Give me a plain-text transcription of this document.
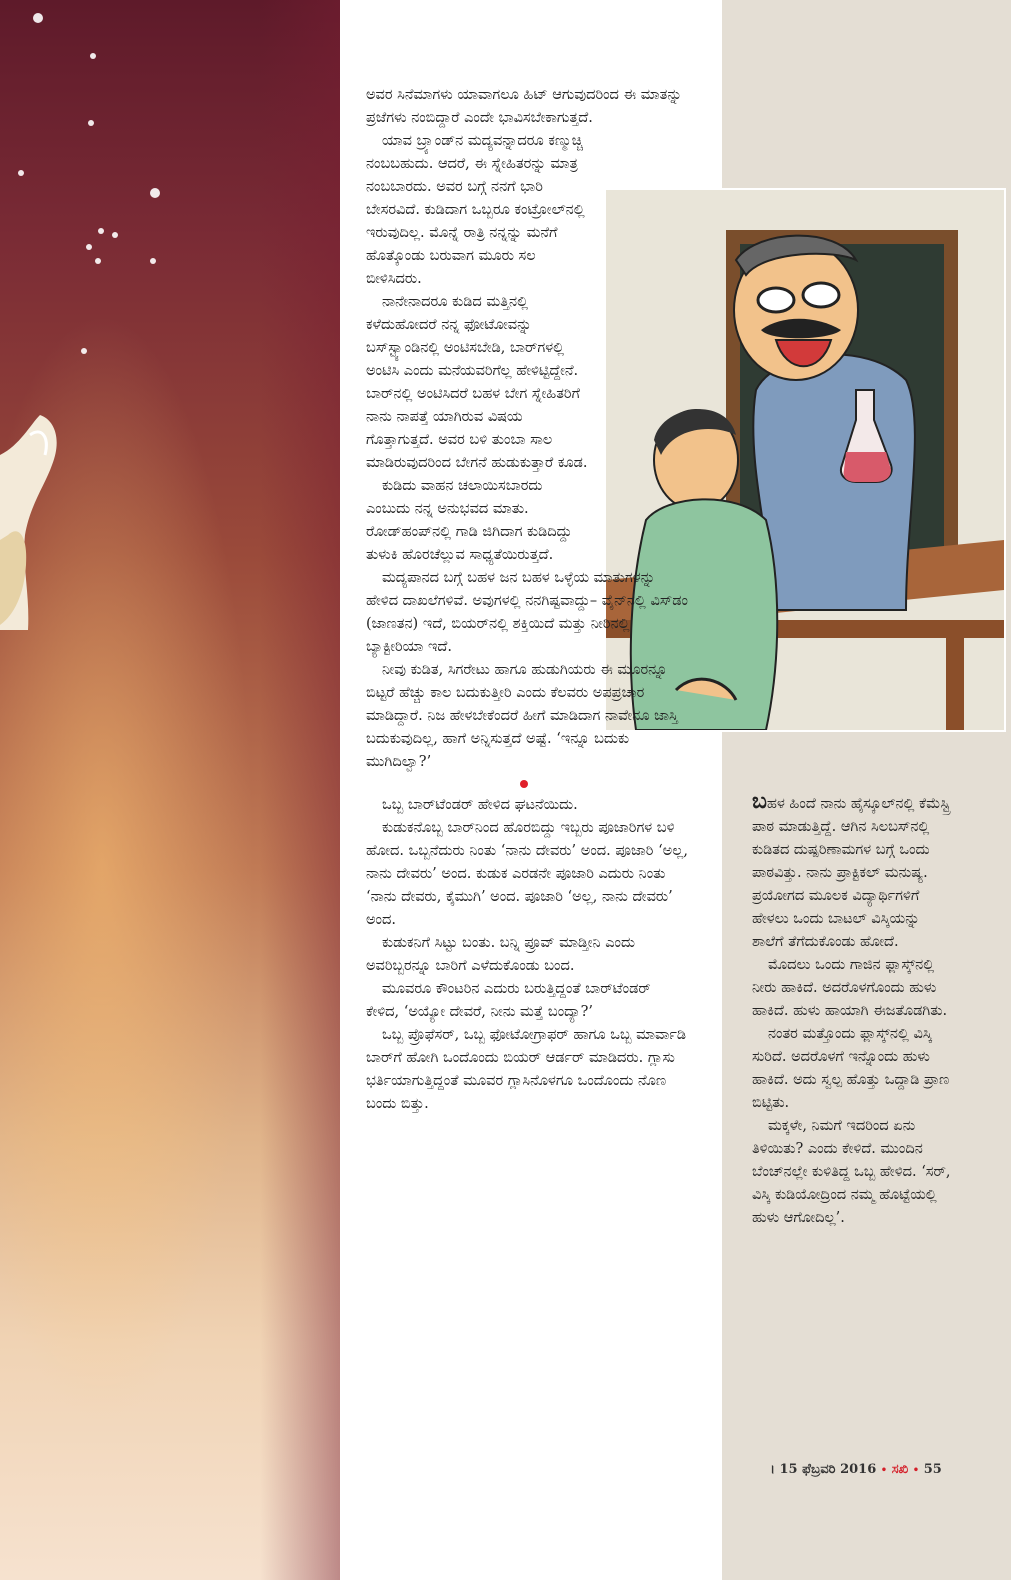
ಅವರ ಸಿನೆಮಾಗಳು ಯಾವಾಗಲೂ ಹಿಟ್ ಆಗುವುದರಿಂದ ಈ ಮಾತನ್ನು ಪ್ರಜೆಗಳು ನಂಬಿದ್ದಾರೆ ಎಂದೇ ಭಾವಿಸಬೇಕಾಗುತ್ತದೆ.

ಯಾವ ಬ್ರ್ಯಾಂಡ್‌ನ ಮದ್ಯವನ್ನಾದರೂ ಕಣ್ಮುಚ್ಚಿ ನಂಬಬಹುದು. ಆದರೆ, ಈ ಸ್ನೇಹಿತರನ್ನು ಮಾತ್ರ ನಂಬಬಾರದು. ಅವರ ಬಗ್ಗೆ ನನಗೆ ಭಾರಿ ಬೇಸರವಿದೆ. ಕುಡಿದಾಗ ಒಬ್ಬರೂ ಕಂಟ್ರೋಲ್‌ನಲ್ಲಿ ಇರುವುದಿಲ್ಲ. ಮೊನ್ನೆ ರಾತ್ರಿ ನನ್ನನ್ನು ಮನೆಗೆ ಹೊತ್ಕೊಂಡು ಬರುವಾಗ ಮೂರು ಸಲ ಬೀಳಿಸಿದರು.

ನಾನೇನಾದರೂ ಕುಡಿದ ಮತ್ತಿನಲ್ಲಿ ಕಳೆದುಹೋದರೆ ನನ್ನ ಫೋಟೋವನ್ನು ಬಸ್‌ಸ್ಟ್ಯಾಂಡಿನಲ್ಲಿ ಅಂಟಿಸಬೇಡಿ, ಬಾರ್‌ಗಳಲ್ಲಿ ಅಂಟಿಸಿ ಎಂದು ಮನೆಯವರಿಗೆಲ್ಲ ಹೇಳಿಟ್ಟಿದ್ದೇನೆ. ಬಾರ್‌ನಲ್ಲಿ ಅಂಟಿಸಿದರೆ ಬಹಳ ಬೇಗ ಸ್ನೇಹಿತರಿಗೆ ನಾನು ನಾಪತ್ತೆ ಯಾಗಿರುವ ವಿಷಯ ಗೊತ್ತಾಗುತ್ತದೆ. ಅವರ ಬಳಿ ತುಂಬಾ ಸಾಲ ಮಾಡಿರುವುದರಿಂದ ಬೇಗನೆ ಹುಡುಕುತ್ತಾರೆ ಕೂಡ.

ಕುಡಿದು ವಾಹನ ಚಲಾಯಿಸಬಾರದು ಎಂಬುದು ನನ್ನ ಅನುಭವದ ಮಾತು. ರೋಡ್‌ಹಂಪ್‌ನಲ್ಲಿ ಗಾಡಿ ಜಿಗಿದಾಗ ಕುಡಿದಿದ್ದು ತುಳುಕಿ ಹೊರಚೆಲ್ಲುವ ಸಾಧ್ಯತೆಯಿರುತ್ತದೆ.

ಮದ್ಯಪಾನದ ಬಗ್ಗೆ ಬಹಳ ಜನ ಬಹಳ ಒಳ್ಳೆಯ ಮಾತುಗಳನ್ನು ಹೇಳಿದ ದಾಖಲೆಗಳಿವೆ. ಅವುಗಳಲ್ಲಿ ನನಗಿಷ್ಟವಾದ್ದು– ವೈನ್‌ನಲ್ಲಿ ವಿಸ್‌ಡಂ (ಜಾಣತನ) ಇದೆ, ಬಿಯರ್‌ನಲ್ಲಿ ಶಕ್ತಿಯಿದೆ ಮತ್ತು ನೀರಿನಲ್ಲಿ ಬ್ಯಾಕ್ಟೀರಿಯಾ ಇದೆ.

ನೀವು ಕುಡಿತ, ಸಿಗರೇಟು ಹಾಗೂ ಹುಡುಗಿಯರು ಈ ಮೂರನ್ನೂ ಬಿಟ್ಟರೆ ಹೆಚ್ಚು ಕಾಲ ಬದುಕುತ್ತೀರಿ ಎಂದು ಕೆಲವರು ಅಪಪ್ರಚಾರ ಮಾಡಿದ್ದಾರೆ. ನಿಜ ಹೇಳಬೇಕೆಂದರೆ ಹೀಗೆ ಮಾಡಿದಾಗ ನಾವೇನೂ ಜಾಸ್ತಿ ಬದುಕುವುದಿಲ್ಲ, ಹಾಗೆ ಅನ್ನಿಸುತ್ತದೆ ಅಷ್ಟೆ. ‘ಇನ್ನೂ ಬದುಕು ಮುಗಿದಿಲ್ವಾ?’

ಒಬ್ಬ ಬಾರ್‌ಟೆಂಡರ್ ಹೇಳಿದ ಘಟನೆಯಿದು.

ಕುಡುಕನೊಬ್ಬ ಬಾರ್‌ನಿಂದ ಹೊರಬಿದ್ದು ಇಬ್ಬರು ಪೂಜಾರಿಗಳ ಬಳಿ ಹೋದ. ಒಬ್ಬನೆದುರು ನಿಂತು ‘ನಾನು ದೇವರು’ ಅಂದ. ಪೂಜಾರಿ ‘ಅಲ್ಲ, ನಾನು ದೇವರು’ ಅಂದ. ಕುಡುಕ ಎರಡನೇ ಪೂಜಾರಿ ಎದುರು ನಿಂತು ‘ನಾನು ದೇವರು, ಕೈಮುಗಿ’ ಅಂದ. ಪೂಜಾರಿ ‘ಅಲ್ಲ, ನಾನು ದೇವರು’ ಅಂದ.

ಕುಡುಕನಿಗೆ ಸಿಟ್ಟು ಬಂತು. ಬನ್ನಿ ಪ್ರೂವ್ ಮಾಡ್ತೀನಿ ಎಂದು ಅವರಿಬ್ಬರನ್ನೂ ಬಾರಿಗೆ ಎಳೆದುಕೊಂಡು ಬಂದ.

ಮೂವರೂ ಕೌಂಟರಿನ ಎದುರು ಬರುತ್ತಿದ್ದಂತೆ ಬಾರ್‌ಟೆಂಡರ್ ಕೇಳಿದ, ‘ಅಯ್ಯೋ ದೇವರೆ, ನೀನು ಮತ್ತೆ ಬಂದ್ಯಾ?’

ಒಬ್ಬ ಪ್ರೊಫೆಸರ್, ಒಬ್ಬ ಫೋಟೋಗ್ರಾಫರ್ ಹಾಗೂ ಒಬ್ಬ ಮಾರ್ವಾಡಿ ಬಾರ್‌ಗೆ ಹೋಗಿ ಒಂದೊಂದು ಬಿಯರ್ ಆರ್ಡರ್ ಮಾಡಿದರು. ಗ್ಲಾಸು ಭರ್ತಿಯಾಗುತ್ತಿದ್ದಂತೆ ಮೂವರ ಗ್ಲಾಸಿನೊಳಗೂ ಒಂದೊಂದು ನೊಣ ಬಂದು ಬಿತ್ತು.

ಬಹಳ ಹಿಂದೆ ನಾನು ಹೈಸ್ಕೂಲ್‌ನಲ್ಲಿ ಕೆಮೆಸ್ಟ್ರಿ ಪಾಠ ಮಾಡುತ್ತಿದ್ದೆ. ಆಗಿನ ಸಿಲಬಸ್‌ನಲ್ಲಿ ಕುಡಿತದ ದುಷ್ಪರಿಣಾಮಗಳ ಬಗ್ಗೆ ಒಂದು ಪಾಠವಿತ್ತು. ನಾನು ಪ್ರಾಕ್ಟಿಕಲ್ ಮನುಷ್ಯ. ಪ್ರಯೋಗದ ಮೂಲಕ ವಿದ್ಯಾರ್ಥಿಗಳಿಗೆ ಹೇಳಲು ಒಂದು ಬಾಟಲ್ ವಿಸ್ಕಿಯನ್ನು ಶಾಲೆಗೆ ತೆಗೆದುಕೊಂಡು ಹೋದೆ.

ಮೊದಲು ಒಂದು ಗಾಜಿನ ಫ್ಲಾಸ್ಕ್‌ನಲ್ಲಿ ನೀರು ಹಾಕಿದೆ. ಅದರೊಳಗೊಂದು ಹುಳು ಹಾಕಿದೆ. ಹುಳು ಹಾಯಾಗಿ ಈಜತೊಡಗಿತು.

ನಂತರ ಮತ್ತೊಂದು ಫ್ಲಾಸ್ಕ್‌ನಲ್ಲಿ ವಿಸ್ಕಿ ಸುರಿದೆ. ಅದರೊಳಗೆ ಇನ್ನೊಂದು ಹುಳು ಹಾಕಿದೆ. ಅದು ಸ್ವಲ್ಪ ಹೊತ್ತು ಒದ್ದಾಡಿ ಪ್ರಾಣ ಬಿಟ್ಟಿತು.

ಮಕ್ಕಳೇ, ನಿಮಗೆ ಇದರಿಂದ ಏನು ತಿಳಿಯಿತು? ಎಂದು ಕೇಳಿದೆ. ಮುಂದಿನ ಬೆಂಚ್‌ನಲ್ಲೇ ಕುಳಿತಿದ್ದ ಒಬ್ಬ ಹೇಳಿದ. ‘ಸರ್, ವಿಸ್ಕಿ ಕುಡಿಯೋದ್ರಿಂದ ನಮ್ಮ ಹೊಟ್ಟೆಯಲ್ಲಿ ಹುಳು ಆಗೋದಿಲ್ಲ’.

। 15 ಫೆಬ್ರವರಿ 2016 • ಸಖಿ • 55
